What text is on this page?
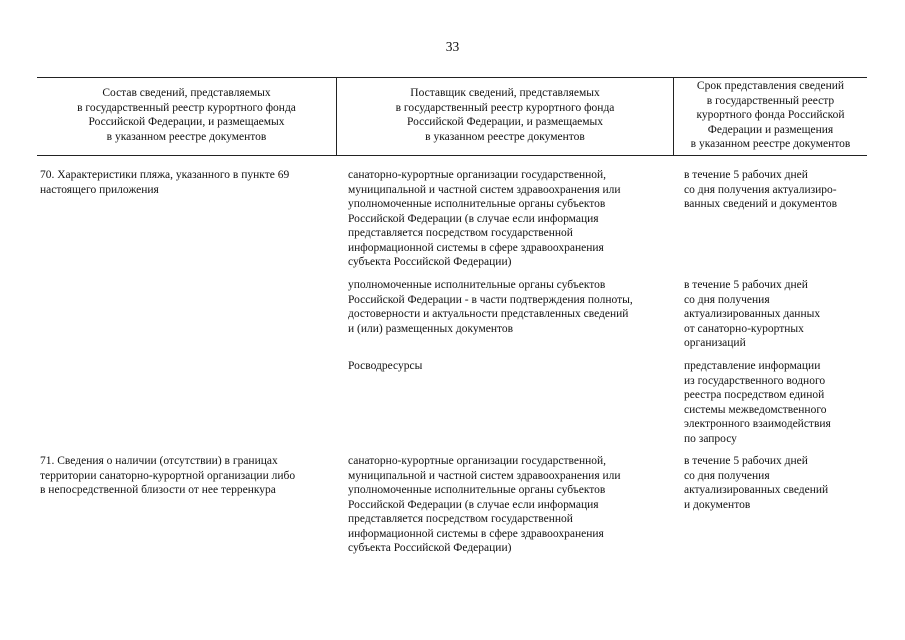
33
Состав сведений, представляемых
в государственный реестр курортного фонда
Российской Федерации, и размещаемых
в указанном реестре документов
Поставщик сведений, представляемых
в государственный реестр курортного фонда
Российской Федерации, и размещаемых
в указанном реестре документов
Срок представления сведений
в государственный реестр
курортного фонда Российской
Федерации и размещения
в указанном реестре документов
70. Характеристики пляжа, указанного в пункте 69
настоящего приложения
санаторно-курортные организации государственной,
муниципальной и частной систем здравоохранения или
уполномоченные исполнительные органы субъектов
Российской Федерации (в случае если информация
представляется посредством государственной
информационной системы в сфере здравоохранения
субъекта Российской Федерации)
в течение 5 рабочих дней
со дня получения актуализиро-
ванных сведений и документов
уполномоченные исполнительные органы субъектов
Российской Федерации - в части подтверждения полноты,
достоверности и актуальности представленных сведений
и (или) размещенных документов
в течение 5 рабочих дней
со дня получения
актуализированных данных
от санаторно-курортных
организаций
Росводресурсы	представление информации
из государственного водного
реестра посредством единой
системы межведомственного
электронного взаимодействия
по запросу
71. Сведения о наличии (отсутствии) в границах
территории санаторно-курортной организации либо
в непосредственной близости от нее терренкура
санаторно-курортные организации государственной,
муниципальной и частной систем здравоохранения или
уполномоченные исполнительные органы субъектов
Российской Федерации (в случае если информация
представляется посредством государственной
информационной системы в сфере здравоохранения
субъекта Российской Федерации)
в течение 5 рабочих дней
со дня получения
актуализированных сведений
и документов
